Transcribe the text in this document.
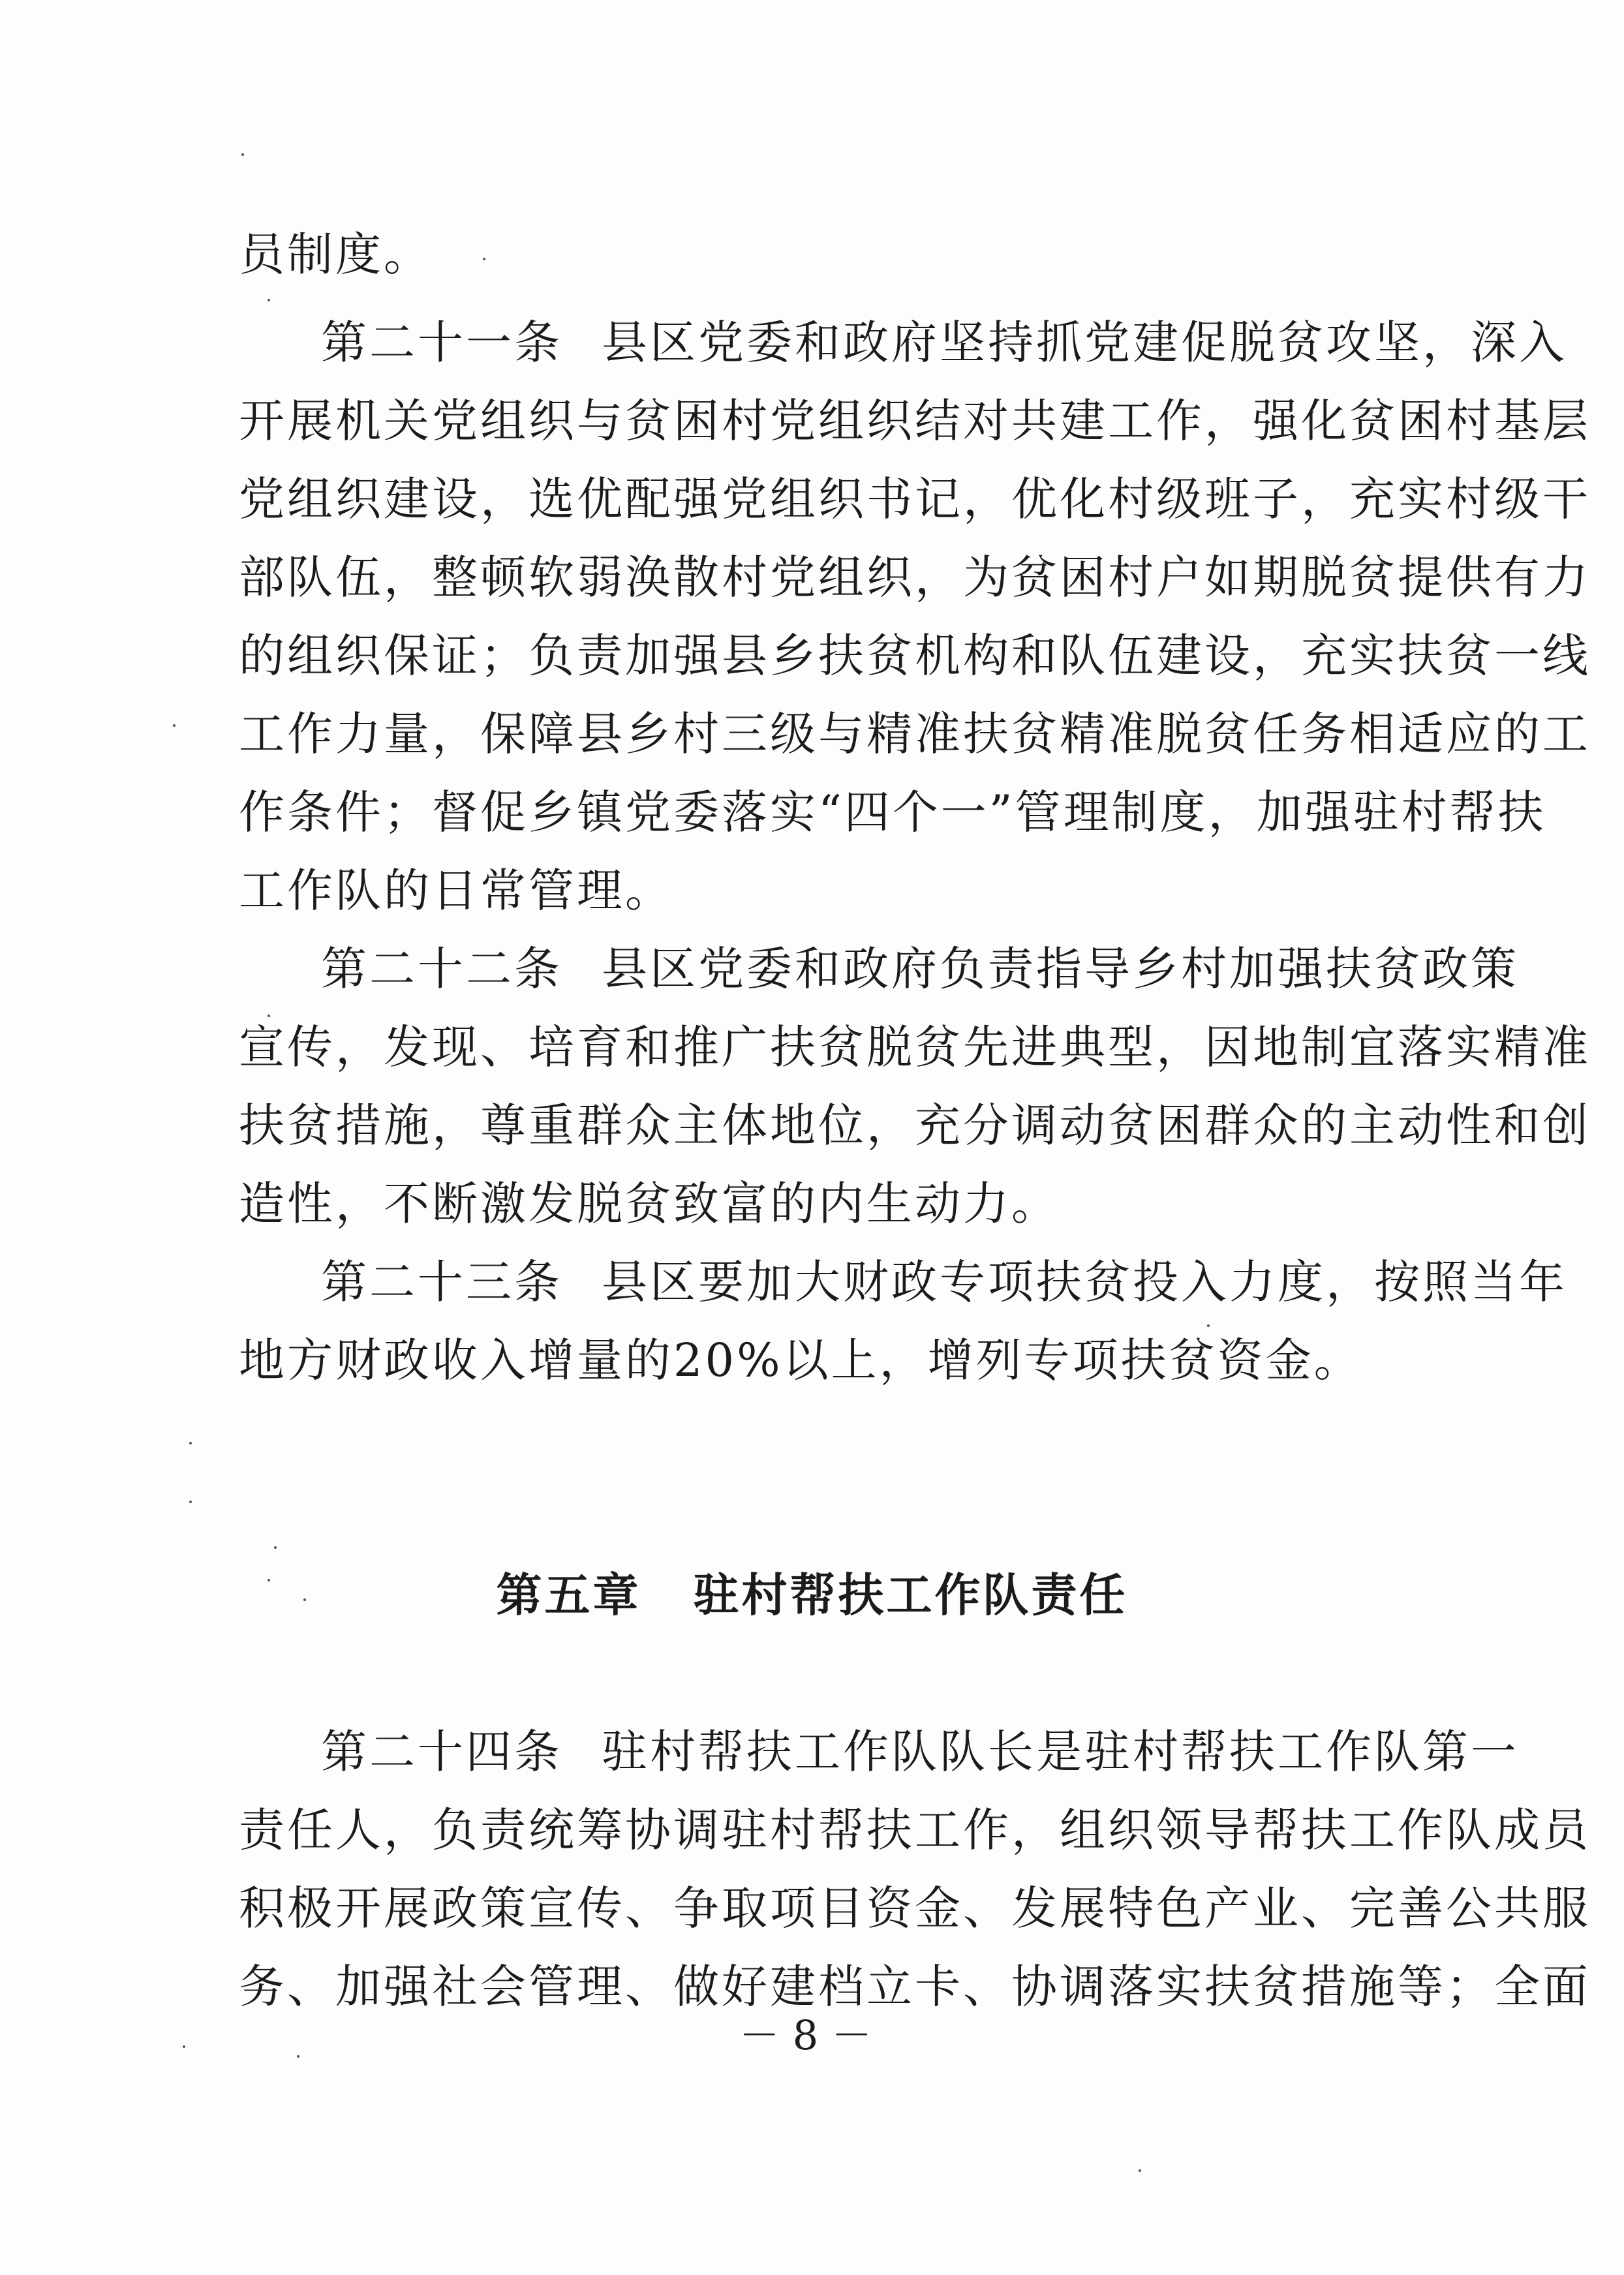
员制度。
第二十一条 县区党委和政府坚持抓党建促脱贫攻坚，深入
开展机关党组织与贫困村党组织结对共建工作，强化贫困村基层
党组织建设，选优配强党组织书记，优化村级班子，充实村级干
部队伍，整顿软弱涣散村党组织，为贫困村户如期脱贫提供有力
的组织保证；负责加强县乡扶贫机构和队伍建设，充实扶贫一线
工作力量，保障县乡村三级与精准扶贫精准脱贫任务相适应的工
作条件；督促乡镇党委落实“四个一”管理制度，加强驻村帮扶
工作队的日常管理。
第二十二条 县区党委和政府负责指导乡村加强扶贫政策
宣传，发现、培育和推广扶贫脱贫先进典型，因地制宜落实精准
扶贫措施，尊重群众主体地位，充分调动贫困群众的主动性和创
造性，不断激发脱贫致富的内生动力。
第二十三条 县区要加大财政专项扶贫投入力度，按照当年
地方财政收入增量的20%以上，增列专项扶贫资金。
第五章 驻村帮扶工作队责任
第二十四条 驻村帮扶工作队队长是驻村帮扶工作队第一
责任人，负责统筹协调驻村帮扶工作，组织领导帮扶工作队成员
积极开展政策宣传、争取项目资金、发展特色产业、完善公共服
务、加强社会管理、做好建档立卡、协调落实扶贫措施等；全面
－8－
